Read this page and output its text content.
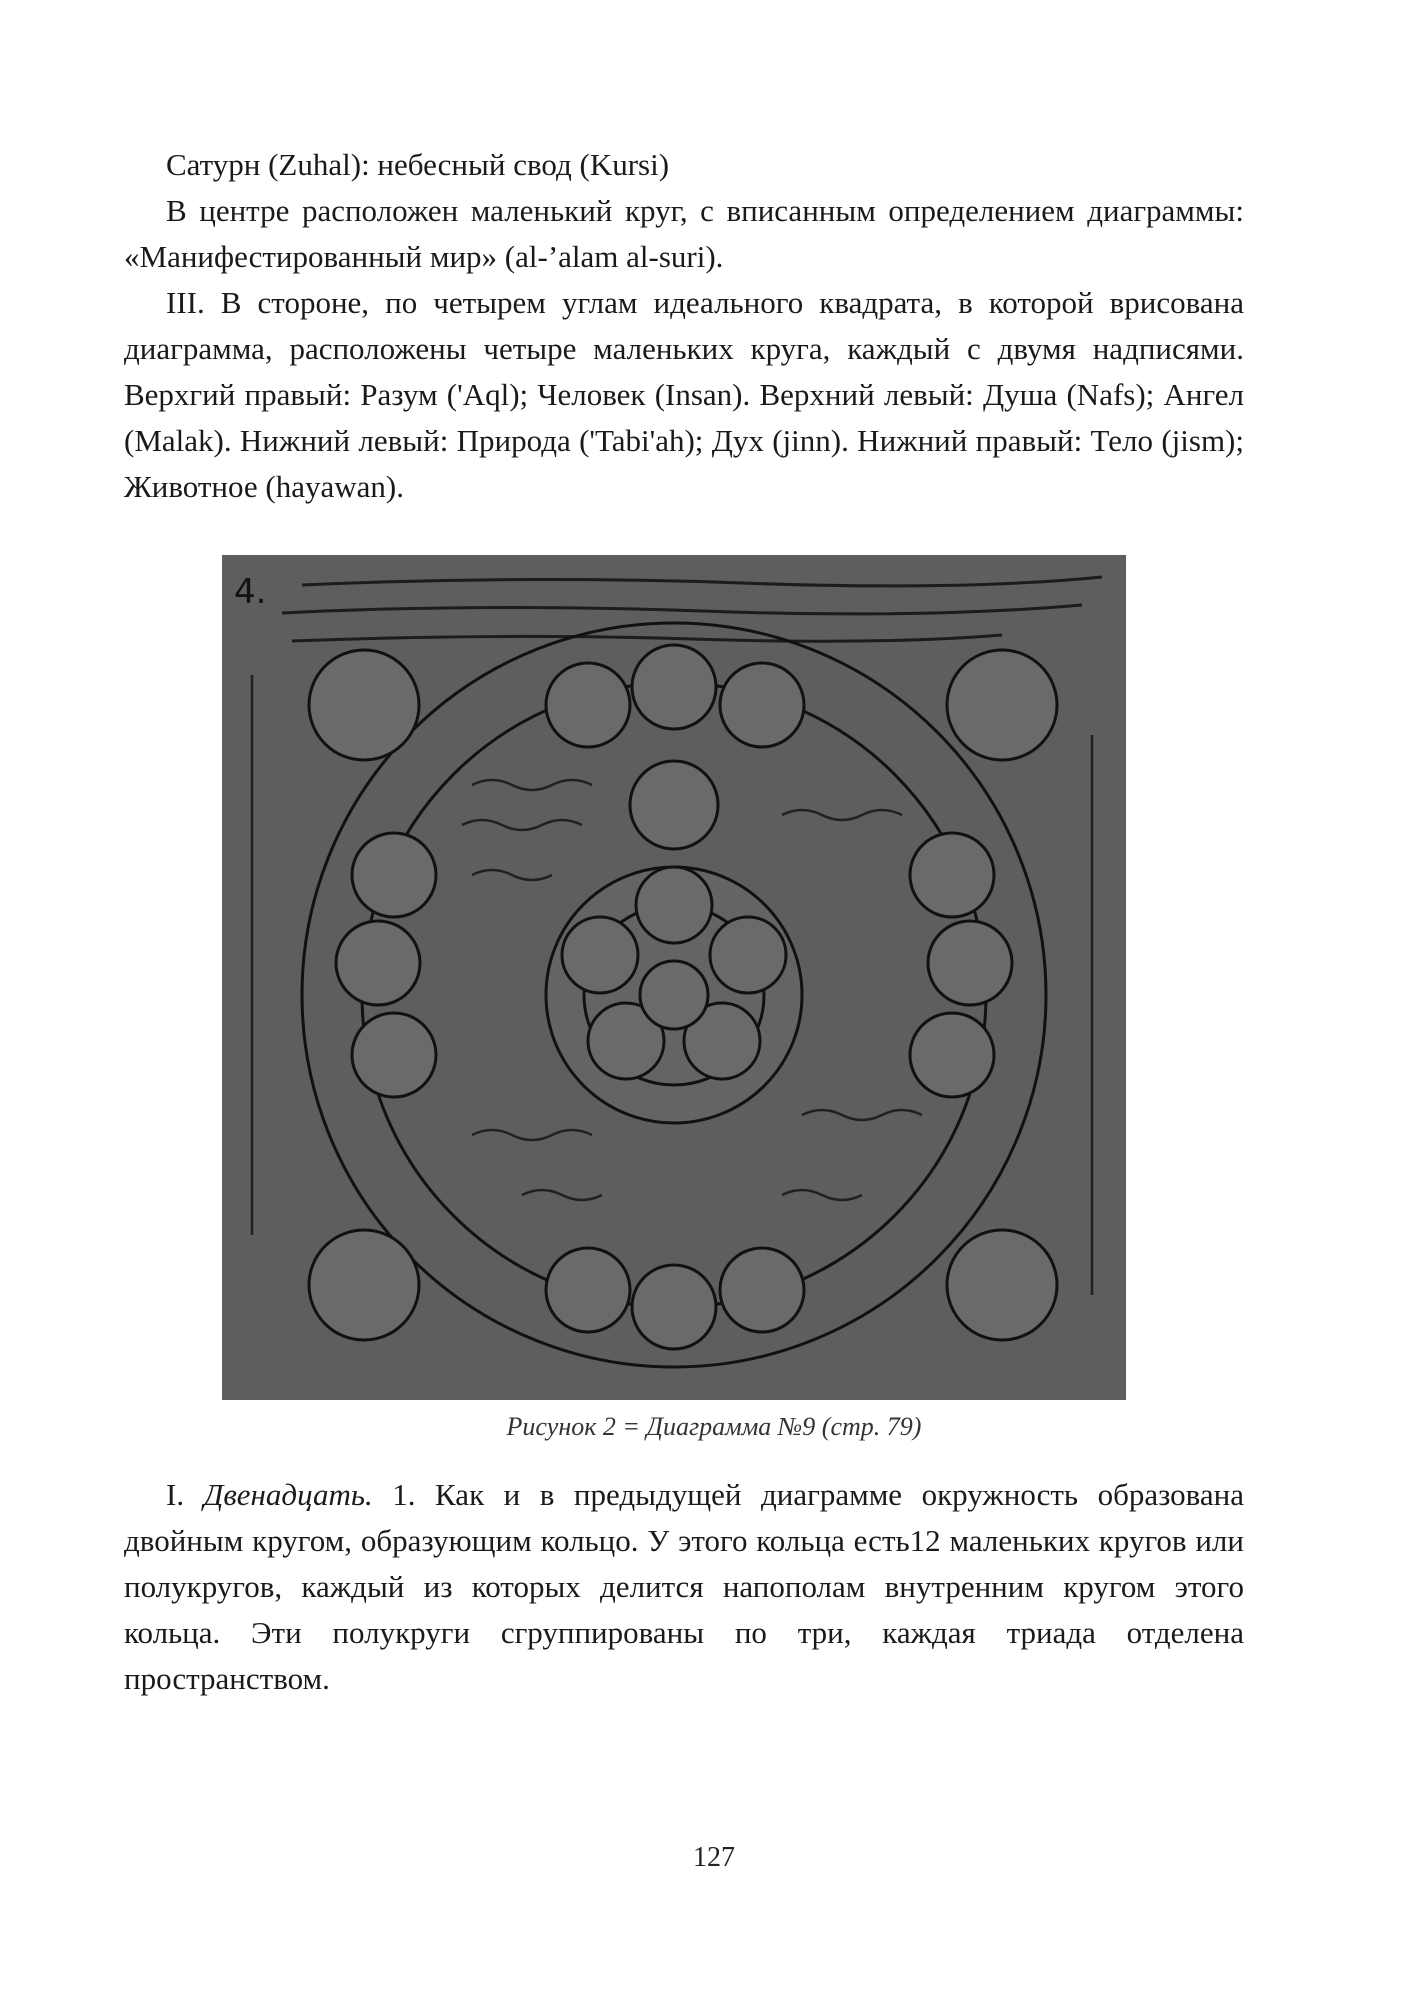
Сатурн (Zuhal): небесный свод (Kursi)

В центре расположен маленький круг, с вписанным определением диаграммы: «Манифестированный мир» (al-’alam al-suri).

III. В стороне, по четырем углам идеального квадрата, в которой врисована диаграмма, расположены четыре маленьких круга, каждый с двумя надписями. Верхгий правый: Разум ('Aql); Человек (Insan). Верхний левый: Душа (Nafs); Ангел (Malak). Нижний левый: Природа ('Tabi'ah); Дух (jinn). Нижний правый: Тело (jism); Животное (hayawan).

4.
Рисунок 2 = Диаграмма №9 (стр. 79)

I. Двенадцать. 1. Как и в предыдущей диаграмме окружность образована двойным кругом, образующим кольцо. У этого кольца есть12 маленьких кругов или полукругов, каждый из которых делится напополам внутренним кругом этого кольца. Эти полукруги сгруппированы по три, каждая триада отделена пространством.

127
